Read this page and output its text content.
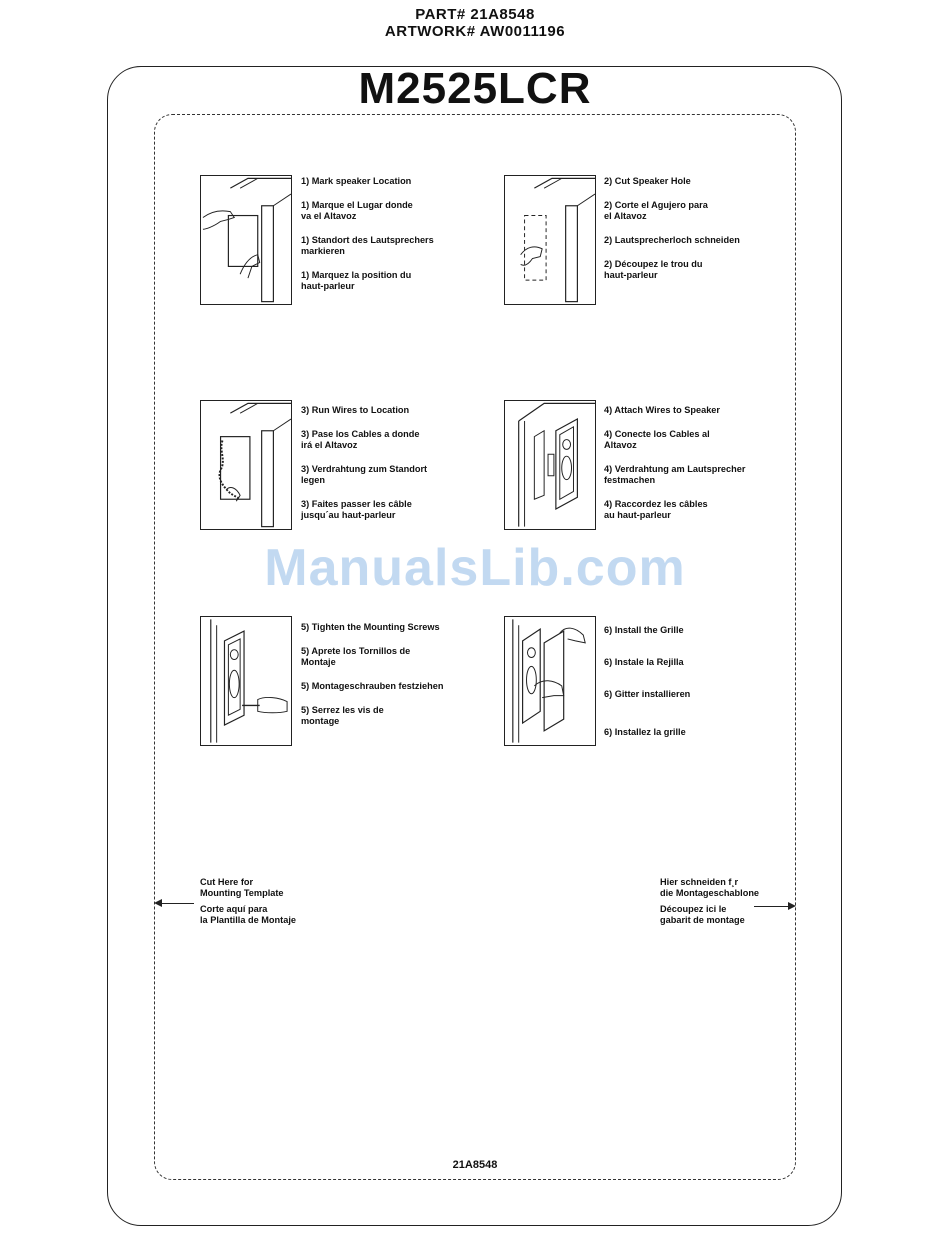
PART# 21A8548
ARTWORK# AW0011196
M2525LCR
1) Mark speaker Location
1) Marque el Lugar donde
va el Altavoz
1) Standort des Lautsprechers
markieren
1) Marquez la position du
haut-parleur
2) Cut Speaker Hole
2) Corte el Agujero para
el Altavoz
2) Lautsprecherloch schneiden
2) Découpez le trou du
haut-parleur
3) Run Wires to Location
3) Pase los Cables a donde
irá el Altavoz
3) Verdrahtung zum Standort
legen
3) Faites passer les câble
jusqu´au haut-parleur
4) Attach Wires to Speaker
4) Conecte los Cables al
Altavoz
4) Verdrahtung am Lautsprecher
festmachen
4) Raccordez les câbles
au haut-parleur
5) Tighten the Mounting Screws
5) Aprete los Tornillos de
Montaje
5) Montageschrauben festziehen
5) Serrez les vis de
montage
6) Install the Grille
6) Instale la Rejilla
6) Gitter installieren
6) Installez la grille
Cut Here for
Mounting Template
Corte aquí para
la Plantilla de Montaje
Hier schneiden f¸r
die Montageschablone
Découpez ici le
gabarit de montage
21A8548
ManualsLib.com
